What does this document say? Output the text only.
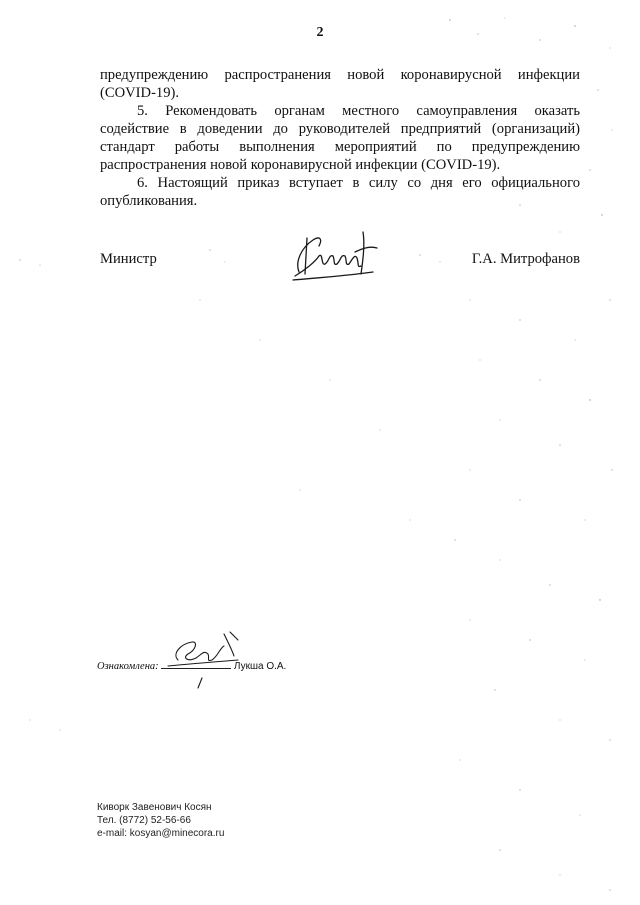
2

предупреждению распространения новой коронавирусной инфекции (COVID-19).

5. Рекомендовать органам местного самоуправления оказать содействие в доведении до руководителей предприятий (организаций) стандарт работы выполнения мероприятий по предупреждению распространения новой коронавирусной инфекции (COVID-19).

6. Настоящий приказ вступает в силу со дня его официального опубликования.

Министр	Г.А. Митрофанов
Ознакомлена:	Лукша О.А.
Киворк Завенович Косян
Тел. (8772) 52-56-66
e-mail: kosyan@minecora.ru
